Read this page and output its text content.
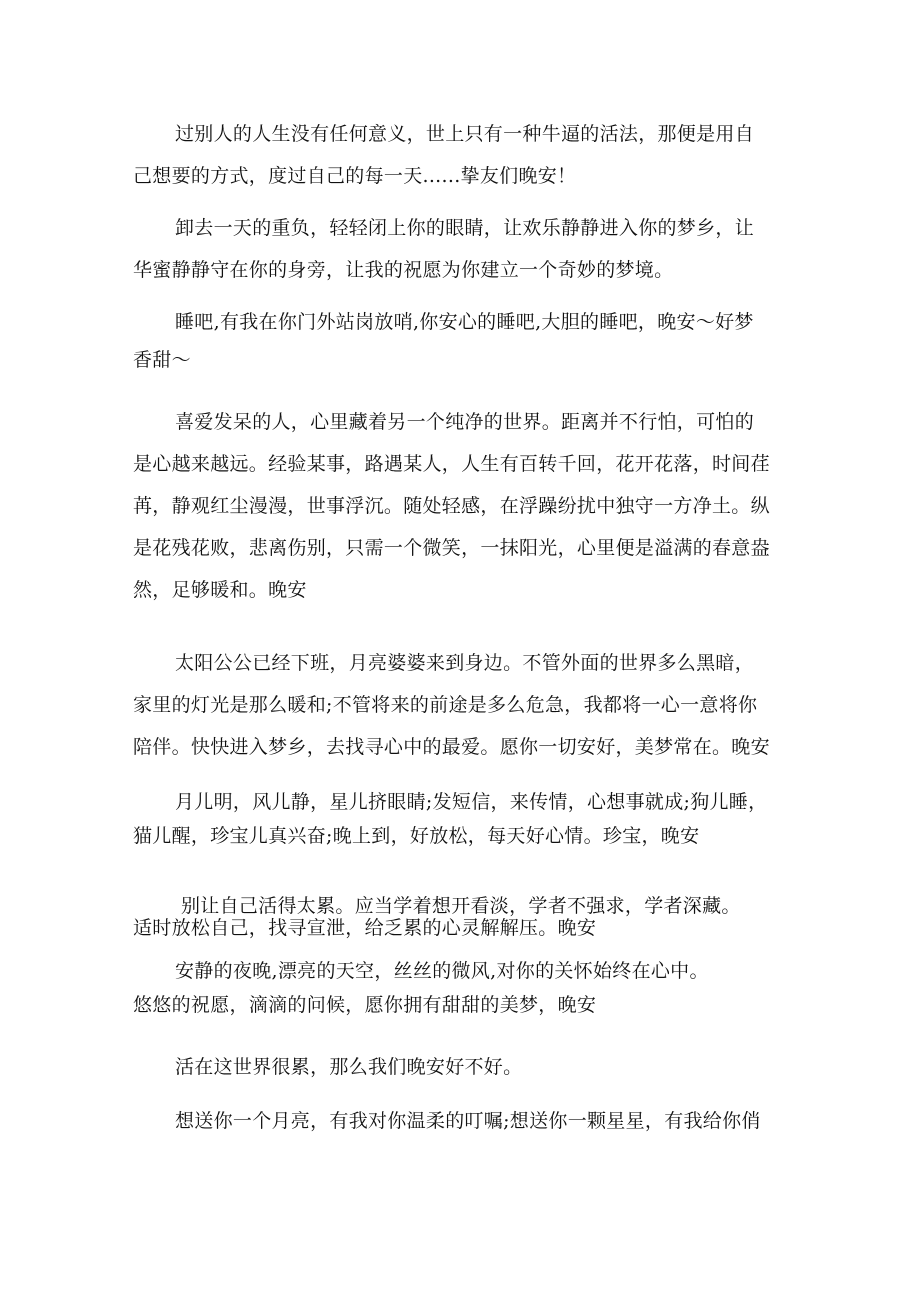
过别人的人生没有任何意义，世上只有一种牛逼的活法，那便是用自
己想要的方式，度过自己的每一天......挚友们晚安！
卸去一天的重负，轻轻闭上你的眼睛，让欢乐静静进入你的梦乡，让
华蜜静静守在你的身旁，让我的祝愿为你建立一个奇妙的梦境。
睡吧,有我在你门外站岗放哨,你安心的睡吧,大胆的睡吧，晚安～好梦
香甜～
喜爱发呆的人，心里藏着另一个纯净的世界。距离并不行怕，可怕的
是心越来越远。经验某事，路遇某人，人生有百转千回，花开花落，时间荏
苒，静观红尘漫漫，世事浮沉。随处轻感，在浮躁纷扰中独守一方净土。纵
是花残花败，悲离伤别，只需一个微笑，一抹阳光，心里便是溢满的春意盎
然，足够暖和。晚安
太阳公公已经下班，月亮婆婆来到身边。不管外面的世界多么黑暗，
家里的灯光是那么暖和;不管将来的前途是多么危急，我都将一心一意将你
陪伴。快快进入梦乡，去找寻心中的最爱。愿你一切安好，美梦常在。晚安
月儿明，风儿静，星儿挤眼睛;发短信，来传情，心想事就成;狗儿睡，
猫儿醒，珍宝儿真兴奋;晚上到，好放松，每天好心情。珍宝，晚安
别让自己活得太累。应当学着想开看淡，学者不强求，学者深藏。
适时放松自己，找寻宣泄，给乏累的心灵解解压。晚安
安静的夜晚,漂亮的天空，丝丝的微风,对你的关怀始终在心中。
悠悠的祝愿，滴滴的问候，愿你拥有甜甜的美梦，晚安
活在这世界很累，那么我们晚安好不好。
想送你一个月亮，有我对你温柔的叮嘱;想送你一颗星星，有我给你俏
